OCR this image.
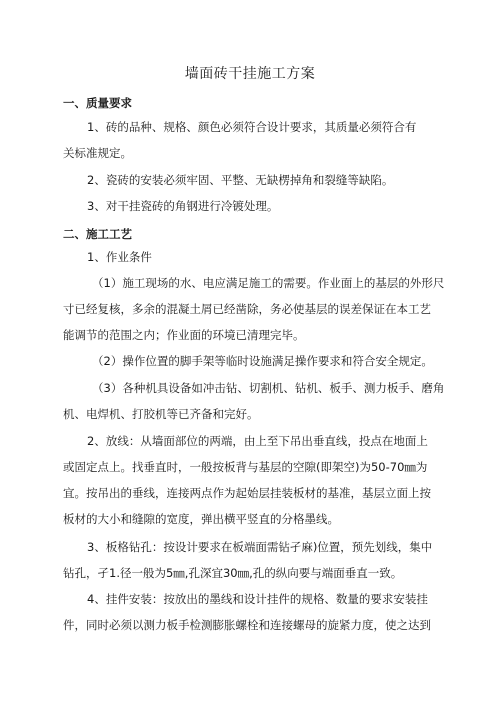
墙面砖干挂施工方案
一、质量要求
1、砖的品种、规格、颜色必须符合设计要求，其质量必须符合有
关标准规定。
2、瓷砖的安装必须牢固、平整、无缺楞掉角和裂缝等缺陷。
3、对干挂瓷砖的角钢进行冷镀处理。
二、施工工艺
1、作业条件
（1）施工现场的水、电应满足施工的需要。作业面上的基层的外形尺
寸已经复核，多余的混凝土屑已经凿除，务必使基层的误差保证在本工艺
能调节的范围之内；作业面的环境已清理完毕。
（2）操作位置的脚手架等临时设施满足操作要求和符合安全规定。
（3）各种机具设备如冲击钻、切割机、钻机、板手、测力板手、磨角
机、电焊机、打胶机等已齐备和完好。
2、放线：从墙面部位的两端，由上至下吊出垂直线，投点在地面上
或固定点上。找垂直时，一般按板背与基层的空隙(即架空)为50-70㎜为
宜。按吊出的垂线，连接两点作为起始层挂装板材的基准，基层立面上按
板材的大小和缝隙的宽度，弹出横平竖直的分格墨线。
3、板格钻孔：按设计要求在板端面需钻孑麻)位置，预先划线，集中
钻孔，孑1.径一般为5㎜,孔深宜30㎜,孔的纵向要与端面垂直一致。
4、挂件安装：按放出的墨线和设计挂件的规格、数量的要求安装挂
件，同时必须以测力板手检测膨胀螺栓和连接螺母的旋紧力度，使之达到
